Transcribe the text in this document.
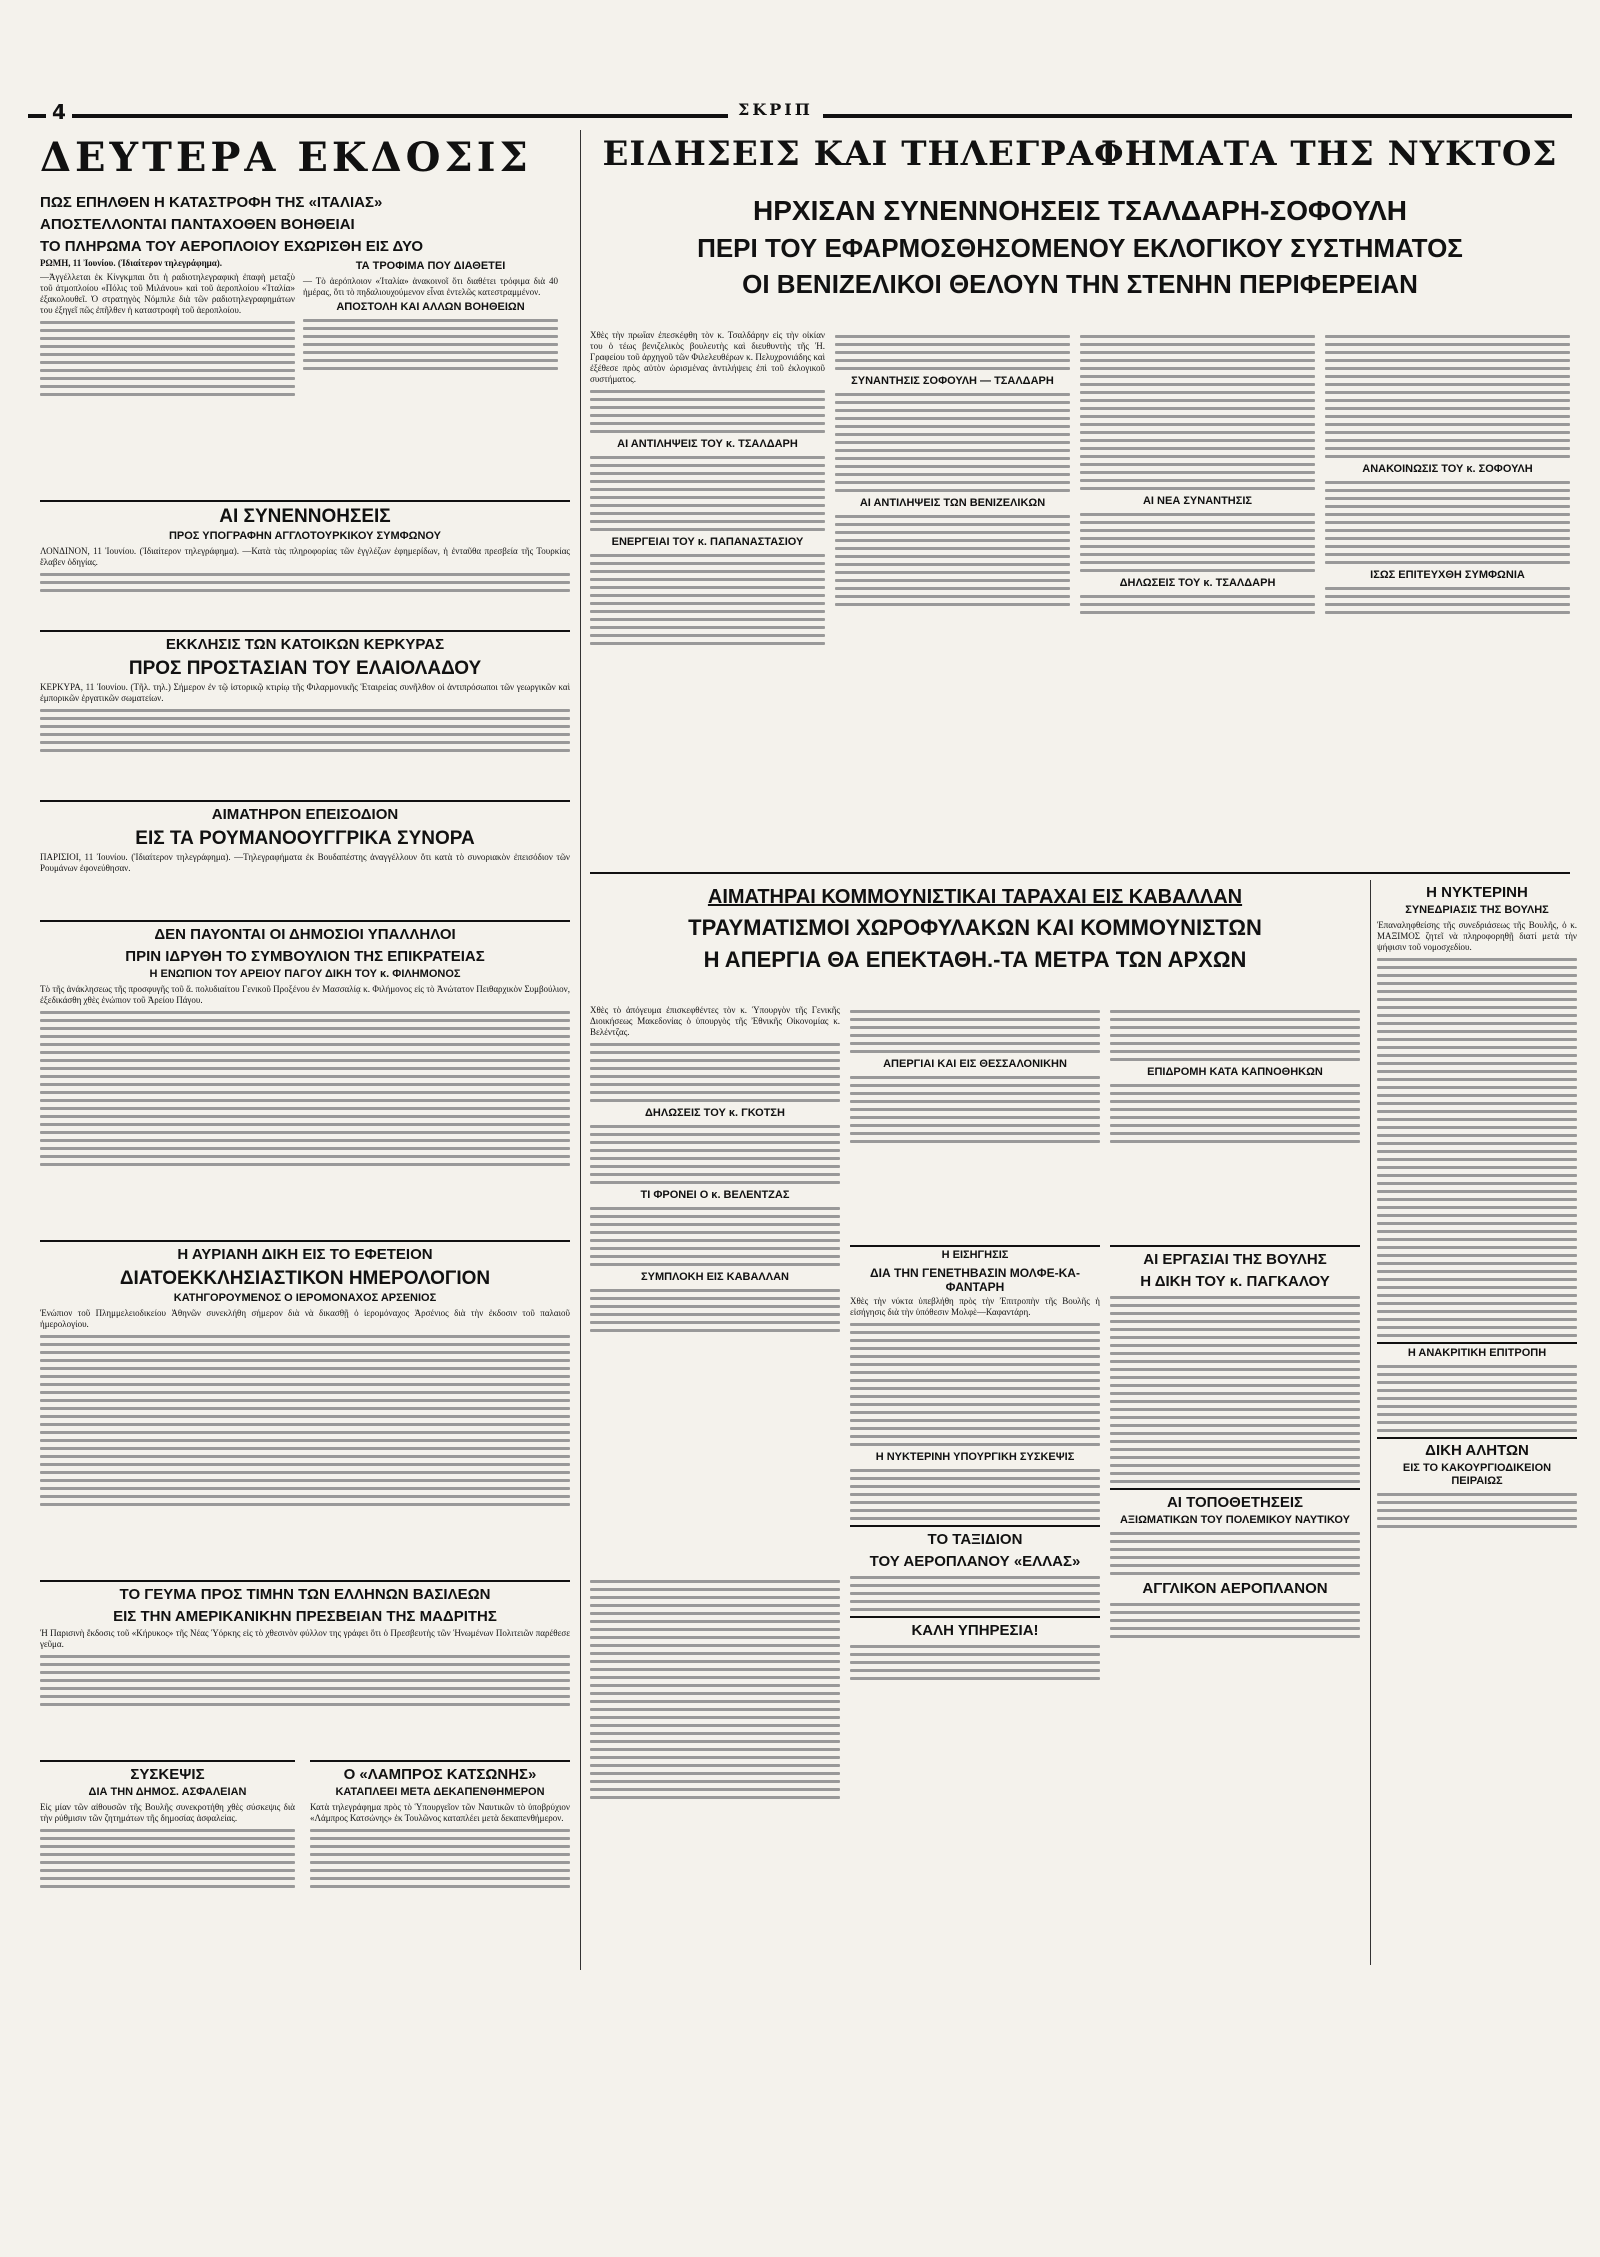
4	ΣΚΡΙΠ
ΔΕΥΤΕΡΑ ΕΚΔΟΣΙΣ
ΠΩΣ ΕΠΗΛΘΕΝ Η ΚΑΤΑΣΤΡΟΦΗ ΤΗΣ «ΙΤΑΛΙΑΣ»
ΑΠΟΣΤΕΛΛΟΝΤΑΙ ΠΑΝΤΑΧΟΘΕΝ ΒΟΗΘΕΙΑΙ
ΤΟ ΠΛΗΡΩΜΑ ΤΟΥ ΑΕΡΟΠΛΟΙΟΥ ΕΧΩΡΙΣΘΗ ΕΙΣ ΔΥΟ

ΡΩΜΗ, 11 Ἰουνίου. (Ἰδιαίτερον τηλεγράφημα).

—Ἀγγέλλεται ἐκ Κίνγκμπαι ὅτι ἡ ραδιοτηλεγραφικὴ ἐπαφὴ μεταξὺ τοῦ ἀτμοπλοίου «Πόλις τοῦ Μιλάνου» καὶ τοῦ ἀεροπλοίου «Ἰταλία» ἐξακολουθεῖ. Ὁ στρατηγὸς Νόμπιλε διὰ τῶν ραδιοτηλεγραφημάτων του ἐξηγεῖ πῶς ἐπῆλθεν ἡ καταστροφὴ τοῦ ἀεροπλοίου.

ΤΑ ΤΡΟΦΙΜΑ ΠΟΥ ΔΙΑΘΕΤΕΙ

— Τὸ ἀερόπλοιον «Ἰταλία» ἀνακοινοῖ ὅτι διαθέτει τρόφιμα διὰ 40 ἡμέρας, ὅτι τὸ πηδαλιουχούμενον εἶναι ἐντελῶς κατεστραμμένον.

ΑΠΟΣΤΟΛΗ ΚΑΙ ΑΛΛΩΝ ΒΟΗΘΕΙΩΝ
ΑΙ ΣΥΝΕΝΝΟΗΣΕΙΣ
ΠΡΟΣ ΥΠΟΓΡΑΦΗΝ ΑΓΓΛΟΤΟΥΡΚΙΚΟΥ ΣΥΜΦΩΝΟΥ

ΛΟΝΔΙΝΟΝ, 11 Ἰουνίου. (Ἰδιαίτερον τηλεγράφημα). —Κατὰ τὰς πληροφορίας τῶν ἐγγλέζων ἐφημερίδων, ἡ ἐνταῦθα πρεσβεία τῆς Τουρκίας ἔλαβεν ὁδηγίας.

ΕΚΚΛΗΣΙΣ ΤΩΝ ΚΑΤΟΙΚΩΝ ΚΕΡΚΥΡΑΣ
ΠΡΟΣ ΠΡΟΣΤΑΣΙΑΝ ΤΟΥ ΕΛΑΙΟΛΑΔΟΥ

ΚΕΡΚΥΡΑ, 11 Ἰουνίου. (Τῆλ. τηλ.) Σήμερον ἐν τῷ ἱστορικῷ κτιρίῳ τῆς Φιλαρμονικῆς Ἑταιρείας συνῆλθον οἱ ἀντιπρόσωποι τῶν γεωργικῶν καὶ ἐμπορικῶν ἐργατικῶν σωματείων.

ΑΙΜΑΤΗΡΟΝ ΕΠΕΙΣΟΔΙΟΝ
ΕΙΣ ΤΑ ΡΟΥΜΑΝΟΟΥΓΓΡΙΚΑ ΣΥΝΟΡΑ

ΠΑΡΙΣΙΟΙ, 11 Ἰουνίου. (Ἰδιαίτερον τηλεγράφημα). —Τηλεγραφήματα ἐκ Βουδαπέστης ἀναγγέλλουν ὅτι κατὰ τὸ συνοριακὸν ἐπεισόδιον τῶν Ρουμάνων ἐφονεύθησαν.

ΔΕΝ ΠΑΥΟΝΤΑΙ ΟΙ ΔΗΜΟΣΙΟΙ ΥΠΑΛΛΗΛΟΙ
ΠΡΙΝ ΙΔΡΥΘΗ ΤΟ ΣΥΜΒΟΥΛΙΟΝ ΤΗΣ ΕΠΙΚΡΑΤΕΙΑΣ
Η ΕΝΩΠΙΟΝ ΤΟΥ ΑΡΕΙΟΥ ΠΑΓΟΥ ΔΙΚΗ ΤΟΥ κ. ΦΙΛΗΜΟΝΟΣ

Τὸ τῆς ἀνάκλησεως τῆς προσφυγῆς τοῦ ἄ. πολυδιαίτου Γενικοῦ Προξένου ἐν Μασσαλίᾳ κ. Φιλήμονος εἰς τὸ Ἀνώτατον Πειθαρχικὸν Συμβούλιον, ἐξεδικάσθη χθὲς ἐνώπιον τοῦ Ἀρείου Πάγου.

Η ΑΥΡΙΑΝΗ ΔΙΚΗ ΕΙΣ ΤΟ ΕΦΕΤΕΙΟΝ
ΔΙΑΤΟΕΚΚΛΗΣΙΑΣΤΙΚΟΝ ΗΜΕΡΟΛΟΓΙΟΝ
ΚΑΤΗΓΟΡΟΥΜΕΝΟΣ Ο ΙΕΡΟΜΟΝΑΧΟΣ ΑΡΣΕΝΙΟΣ

Ἐνώπιον τοῦ Πλημμελειοδικείου Ἀθηνῶν συνεκλήθη σήμερον διὰ νὰ δικασθῇ ὁ ἱερομόναχος Ἀρσένιος διὰ τὴν ἐκδοσιν τοῦ παλαιοῦ ἡμερολογίου.

ΤΟ ΓΕΥΜΑ ΠΡΟΣ ΤΙΜΗΝ ΤΩΝ ΕΛΛΗΝΩΝ ΒΑΣΙΛΕΩΝ
ΕΙΣ ΤΗΝ ΑΜΕΡΙΚΑΝΙΚΗΝ ΠΡΕΣΒΕΙΑΝ ΤΗΣ ΜΑΔΡΙΤΗΣ

Ἡ Παρισινὴ ἔκδοσις τοῦ «Κήρυκος» τῆς Νέας Ὑόρκης εἰς τὸ χθεσινὸν φύλλον της γράφει ὅτι ὁ Πρεσβευτὴς τῶν Ἡνωμένων Πολιτειῶν παρέθεσε γεῦμα.

ΣΥΣΚΕΨΙΣ
ΔΙΑ ΤΗΝ ΔΗΜΟΣ. ΑΣΦΑΛΕΙΑΝ

Εἰς μίαν τῶν αἰθουσῶν τῆς Βουλῆς συνεκροτήθη χθὲς σύσκεψις διὰ τὴν ρύθμισιν τῶν ζητημάτων τῆς δημοσίας ἀσφαλείας.

Ο «ΛΑΜΠΡΟΣ ΚΑΤΣΩΝΗΣ»
ΚΑΤΑΠΛΕΕΙ ΜΕΤΑ ΔΕΚΑΠΕΝΘΗΜΕΡΟΝ

Κατὰ τηλεγράφημα πρὸς τὸ Ὑπουργεῖον τῶν Ναυτικῶν τὸ ὑποβρύχιον «Λάμπρος Κατσώνης» ἐκ Τουλῶνος καταπλέει μετὰ δεκαπενθήμερον.

ΕΙΔΗΣΕΙΣ ΚΑΙ ΤΗΛΕΓΡΑΦΗΜΑΤΑ ΤΗΣ ΝΥΚΤΟΣ
ΗΡΧΙΣΑΝ ΣΥΝΕΝΝΟΗΣΕΙΣ ΤΣΑΛΔΑΡΗ-ΣΟΦΟΥΛΗ
ΠΕΡΙ ΤΟΥ ΕΦΑΡΜΟΣΘΗΣΟΜΕΝΟΥ ΕΚΛΟΓΙΚΟΥ ΣΥΣΤΗΜΑΤΟΣ
ΟΙ ΒΕΝΙΖΕΛΙΚΟΙ ΘΕΛΟΥΝ ΤΗΝ ΣΤΕΝΗΝ ΠΕΡΙΦΕΡΕΙΑΝ

Χθὲς τὴν πρωΐαν ἐπεσκέφθη τὸν κ. Τσαλδάρην εἰς τὴν οἰκίαν του ὁ τέως βενιζελικὸς βουλευτὴς καὶ διευθυντὴς τῆς Ἡ. Γραφείου τοῦ ἀρχηγοῦ τῶν Φιλελευθέρων κ. Πελυχρονιάδης καὶ ἐξέθεσε πρὸς αὐτὸν ὡρισμένας ἀντιλήψεις ἐπὶ τοῦ ἐκλογικοῦ συστήματος.

ΑΙ ΑΝΤΙΛΗΨΕΙΣ ΤΟΥ κ. ΤΣΑΛΔΑΡΗ
ΕΝΕΡΓΕΙΑΙ ΤΟΥ κ. ΠΑΠΑΝΑΣΤΑΣΙΟΥ
ΣΥΝΑΝΤΗΣΙΣ ΣΟΦΟΥΛΗ — ΤΣΑΛΔΑΡΗ
ΑΙ ΑΝΤΙΛΗΨΕΙΣ ΤΩΝ ΒΕΝΙΖΕΛΙΚΩΝ	ΑΙ ΝΕΑ ΣΥΝΑΝΤΗΣΙΣ
ΔΗΛΩΣΕΙΣ ΤΟΥ κ. ΤΣΑΛΔΑΡΗ
ΑΝΑΚΟΙΝΩΣΙΣ ΤΟΥ κ. ΣΟΦΟΥΛΗ
ΙΣΩΣ ΕΠΙΤΕΥΧΘΗ ΣΥΜΦΩΝΙΑ
ΑΙΜΑΤΗΡΑΙ ΚΟΜΜΟΥΝΙΣΤΙΚΑΙ ΤΑΡΑΧΑΙ ΕΙΣ ΚΑΒΑΛΛΑΝ
ΤΡΑΥΜΑΤΙΣΜΟΙ ΧΩΡΟΦΥΛΑΚΩΝ ΚΑΙ ΚΟΜΜΟΥΝΙΣΤΩΝ
Η ΑΠΕΡΓΙΑ ΘΑ ΕΠΕΚΤΑΘΗ.-ΤΑ ΜΕΤΡΑ ΤΩΝ ΑΡΧΩΝ

Χθὲς τὸ ἀπόγευμα ἐπισκεφθέντες τὸν κ. Ὑπουργὸν τῆς Γενικῆς Διοικήσεως Μακεδονίας ὁ ὑπουργὸς τῆς Ἐθνικῆς Οἰκονομίας κ. Βελέντζας.

ΔΗΛΩΣΕΙΣ ΤΟΥ κ. ΓΚΟΤΣΗ
ΤΙ ΦΡΟΝΕΙ Ο κ. ΒΕΛΕΝΤΖΑΣ
ΣΥΜΠΛΟΚΗ ΕΙΣ ΚΑΒΑΛΛΑΝ
ΑΠΕΡΓΙΑΙ ΚΑΙ ΕΙΣ ΘΕΣΣΑΛΟΝΙΚΗΝ
ΕΠΙΔΡΟΜΗ ΚΑΤΑ ΚΑΠΝΟΘΗΚΩΝ
Η ΕΙΣΗΓΗΣΙΣ
ΔΙΑ ΤΗΝ ΓΕΝΕΤΗΒΑΣΙΝ ΜΟΛΦΕ-ΚΑ-ΦΑΝΤΑΡΗ

Χθὲς τὴν νύκτα ὑπεβλήθη πρὸς τὴν Ἐπιτροπὴν τῆς Βουλῆς ἡ εἰσήγησις διὰ τὴν ὑπόθεσιν Μολφὲ—Καφαντάρη.

Η ΝΥΚΤΕΡΙΝΗ ΥΠΟΥΡΓΙΚΗ ΣΥΣΚΕΨΙΣ
ΤΟ ΤΑΞΙΔΙΟΝ
ΤΟΥ ΑΕΡΟΠΛΑΝΟΥ «ΕΛΛΑΣ»
ΚΑΛΗ ΥΠΗΡΕΣΙΑ!
ΑΙ ΕΡΓΑΣΙΑΙ ΤΗΣ ΒΟΥΛΗΣ
Η ΔΙΚΗ ΤΟΥ κ. ΠΑΓΚΑΛΟΥ
ΑΙ ΤΟΠΟΘΕΤΗΣΕΙΣ
ΑΞΙΩΜΑΤΙΚΩΝ ΤΟΥ ΠΟΛΕΜΙΚΟΥ ΝΑΥΤΙΚΟΥ
ΑΓΓΛΙΚΟΝ ΑΕΡΟΠΛΑΝΟΝ
Η ΝΥΚΤΕΡΙΝΗ
ΣΥΝΕΔΡΙΑΣΙΣ ΤΗΣ ΒΟΥΛΗΣ

Ἐπαναληφθείσης τῆς συνεδριάσεως τῆς Βουλῆς, ὁ κ. ΜΑΞΙΜΟΣ ζητεῖ νὰ πληροφορηθῇ διατί μετὰ τὴν ψήφισιν τοῦ νομοσχεδίου.

Η ΑΝΑΚΡΙΤΙΚΗ ΕΠΙΤΡΟΠΗ
ΔΙΚΗ ΑΛΗΤΩΝ
ΕΙΣ ΤΟ ΚΑΚΟΥΡΓΙΟΔΙΚΕΙΟΝ ΠΕΙΡΑΙΩΣ
